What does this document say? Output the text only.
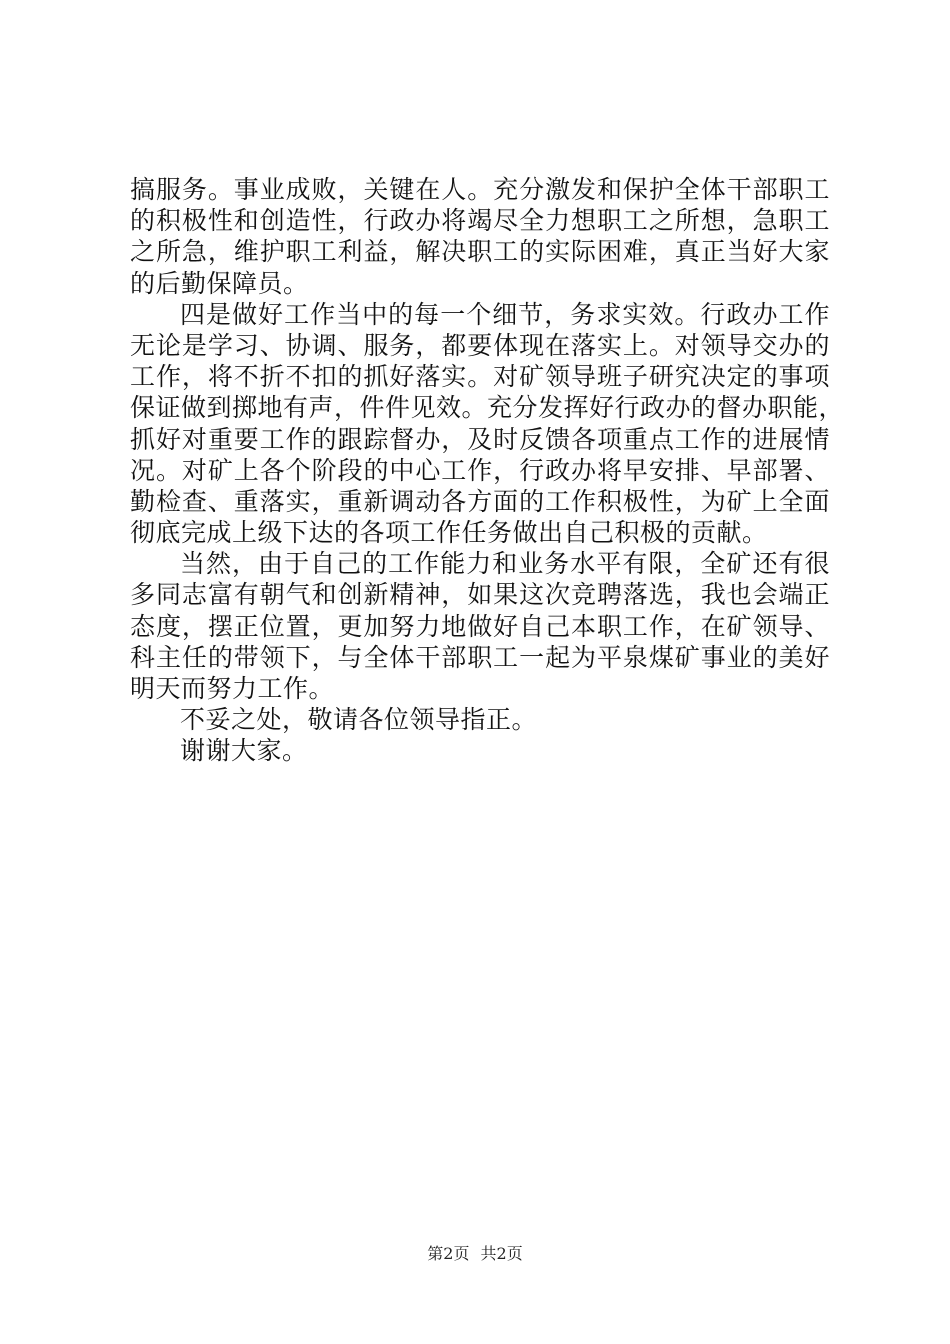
搞服务。事业成败，关键在人。充分激发和保护全体干部职工
的积极性和创造性，行政办将竭尽全力想职工之所想，急职工
之所急，维护职工利益，解决职工的实际困难，真正当好大家
的后勤保障员。
四是做好工作当中的每一个细节，务求实效。行政办工作
无论是学习、协调、服务，都要体现在落实上。对领导交办的
工作，将不折不扣的抓好落实。对矿领导班子研究决定的事项
保证做到掷地有声，件件见效。充分发挥好行政办的督办职能，
抓好对重要工作的跟踪督办，及时反馈各项重点工作的进展情
况。对矿上各个阶段的中心工作，行政办将早安排、早部署、
勤检查、重落实，重新调动各方面的工作积极性，为矿上全面
彻底完成上级下达的各项工作任务做出自己积极的贡献。
当然，由于自己的工作能力和业务水平有限，全矿还有很
多同志富有朝气和创新精神，如果这次竞聘落选，我也会端正
态度，摆正位置，更加努力地做好自己本职工作，在矿领导、
科主任的带领下，与全体干部职工一起为平泉煤矿事业的美好
明天而努力工作。
不妥之处，敬请各位领导指正。
谢谢大家。
第2页 共2页
